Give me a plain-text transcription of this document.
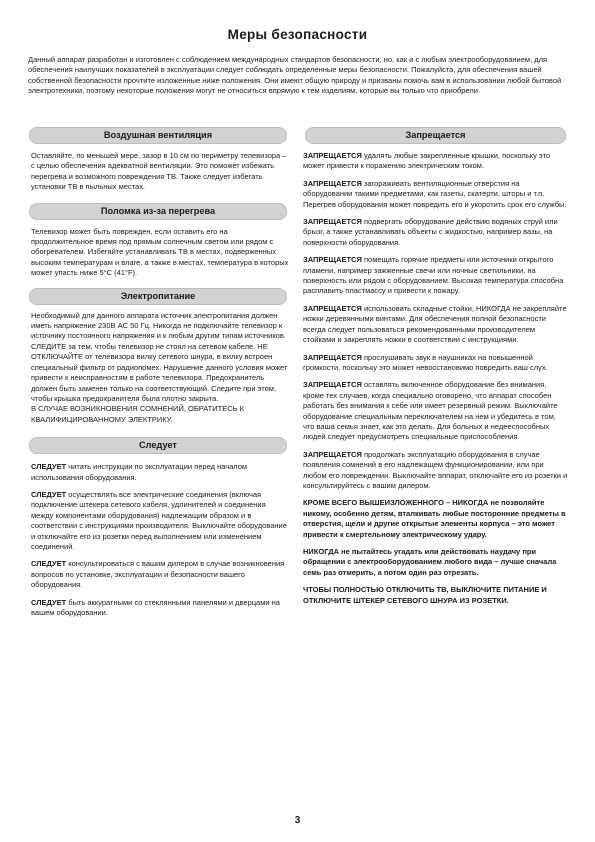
Меры безопасности

Данный аппарат разработан и изготовлен с соблюдением международных стандартов безопасности, но, как и с любым электрооборудованием, для обеспечения наилучших показателей в эксплуатации следует соблюдать определенные меры безопасности. Пожалуйста, для обеспечения вашей собственной безопасности прочтите изложенные ниже положения. Они имеют общую природу и призваны помочь вам в использовании любой бытовой электротехники, поэтому некоторые положения могут не относиться впрямую к тем изделиям, которые вы только что приобрели.

Воздушная вентиляция

Оставляйте, по меньшей мере, зазор в 10 см по периметру телевизора – с целью обеспечения адекватной вентиляции. Это поможет избежать перегрева и возможного повреждения ТВ. Также следует избегать установки ТВ в пыльных местах.

Поломка из-за перегрева

Телевизор может быть поврежден, если оставить его на продолжительное время под прямым солнечным светом или рядом с обогревателем. Избегайте устанавливать ТВ в местах, подверженных высоким температурам и влаге, а также в местах, температура в которых может упасть ниже 5°C (41°F).

Электропитание

Необходимый для данного аппарата источник электропитания должен иметь напряжение 230В AC 50 Гц. Никогда не подключайте телевизор к источнику постоянного напряжения и к любым другим типам источников. СЛЕДИТЕ за тем, чтобы телевизор не стоял на сетевом кабеле. НЕ ОТКЛЮЧАЙТЕ от телевизора вилку сетевого шнура, в вилку встроен специальный фильтр от радиопомех. Нарушение данного условия может привести к неисправностям в работе телевизора. Предохранитель должен быть заменен только на соответствующий. Следите при этом, чтобы крышка предохранителя была плотно закрыта.

В СЛУЧАЕ ВОЗНИКНОВЕНИЯ СОМНЕНИЙ, ОБРАТИТЕСЬ К КВАЛИФИЦИРОВАННОМУ ЭЛЕКТРИКУ.

Следует

СЛЕДУЕТ читать инструкции по эксплуатации перед началом использования оборудования.

СЛЕДУЕТ осуществлять все электрические соединения (включая подключение штекера сетевого кабеля, удлинителей и соединения между компонентами оборудования) надлежащим образом и в соответствии с инструкциями производителя. Выключайте оборудование и отключайте его из розетки перед выполнением или изменением соединений.

СЛЕДУЕТ консультироваться с вашим дилером в случае возникновения вопросов по установке, эксплуатации и безопасности вашего оборудования.

СЛЕДУЕТ быть аккуратными со стеклянными панелями и дверцами на вашем оборудовании.

Запрещается

ЗАПРЕЩАЕТСЯ удалять любые закрепленные крышки, поскольку это может привести к поражению электрическим током.

ЗАПРЕЩАЕТСЯ загораживать вентиляционные отверстия на оборудовании такими предметами, как газеты, скатерти, шторы и т.п. Перегрев оборудования может повредить его и укоротить срок его службы.

ЗАПРЕЩАЕТСЯ подвергать оборудование действию водяных струй или брызг, а также устанавливать объекты с жидкостью, например вазы, на поверхности оборудования.

ЗАПРЕЩАЕТСЯ помещать горячие предметы или источники открытого пламени, например зажженные свечи или ночные светильники, на поверхность или рядом с оборудованием. Высокая температура способна расплавить пластмассу и привести к пожару.

ЗАПРЕЩАЕТСЯ использовать складные стойки, НИКОГДА не закрепляйте ножки деревянными винтами. Для обеспечения полной безопасности всегда следует пользоваться рекомендованными производителем стойками и закреплять ножки в соответствии с инструкциями.

ЗАПРЕЩАЕТСЯ прослушивать звук в наушниках на повышенной громкости, поскольку это может невосстановимо повредить ваш слух.

ЗАПРЕЩАЕТСЯ оставлять включенное оборудование без внимания, кроме тех случаев, когда специально оговорено, что аппарат способен работать без внимания к себе или имеет резервный режим. Выключайте оборудование специальным переключателем на нем и убедитесь в том, что ваша семья знает, как это делать. Для больных и недееспособных людей следует предусмотреть специальные приспособления.

ЗАПРЕЩАЕТСЯ продолжать эксплуатацию оборудования в случае появления сомнений в его надлежащем функционировании, или при любом его повреждении. Выключайте аппарат, отключайте его из розетки и консультируйтесь с вашим дилером.

КРОМЕ ВСЕГО ВЫШЕИЗЛОЖЕННОГО – НИКОГДА не позволяйте никому, особенно детям, вталкивать любые посторонние предметы в отверстия, щели и другие открытые элементы корпуса – это может привести к смертельному электрическому удару.

НИКОГДА не пытайтесь угадать или действовать наудачу при обращении с электрооборудованием любого вида – лучше сначала семь раз отмерить, а потом один раз отрезать.

ЧТОБЫ ПОЛНОСТЬЮ ОТКЛЮЧИТЬ ТВ, ВЫКЛЮЧИТЕ ПИТАНИЕ И ОТКЛЮЧИТЕ ШТЕКЕР СЕТЕВОГО ШНУРА ИЗ РОЗЕТКИ.

3
